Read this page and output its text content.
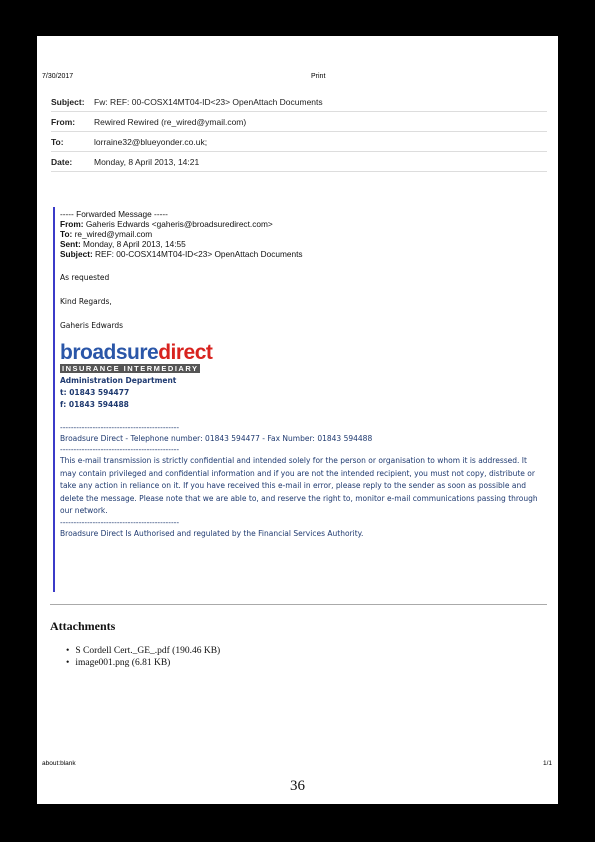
7/30/2017	Print
Subject:	Fw: REF: 00-COSX14MT04-ID<23> OpenAttach Documents
From:	Rewired Rewired (re_wired@ymail.com)
To:	lorraine32@blueyonder.co.uk;
Date:	Monday, 8 April 2013, 14:21
----- Forwarded Message -----
From: Gaheris Edwards <gaheris@broadsuredirect.com>
To: re_wired@ymail.com
Sent: Monday, 8 April 2013, 14:55
Subject: REF: 00-COSX14MT04-ID<23> OpenAttach Documents
As requested
Kind Regards,
Gaheris Edwards
broadsuredirect
INSURANCE INTERMEDIARY
Administration Department
t: 01843 594477
f: 01843 594488
--------------------------------------------
Broadsure Direct - Telephone number: 01843 594477 - Fax Number: 01843 594488
--------------------------------------------
This e-mail transmission is strictly confidential and intended solely for the person or organisation to whom it is addressed. It may contain privileged and confidential information and if you are not the intended recipient, you must not copy, distribute or take any action in reliance on it. If you have received this e-mail in error, please reply to the sender as soon as possible and delete the message. Please note that we are able to, and reserve the right to, monitor e-mail communications passing through our network.
--------------------------------------------
Broadsure Direct Is Authorised and regulated by the Financial Services Authority.
Attachments
• S Cordell Cert._GE_.pdf (190.46 KB)
• image001.png (6.81 KB)
about:blank	1/1
36
